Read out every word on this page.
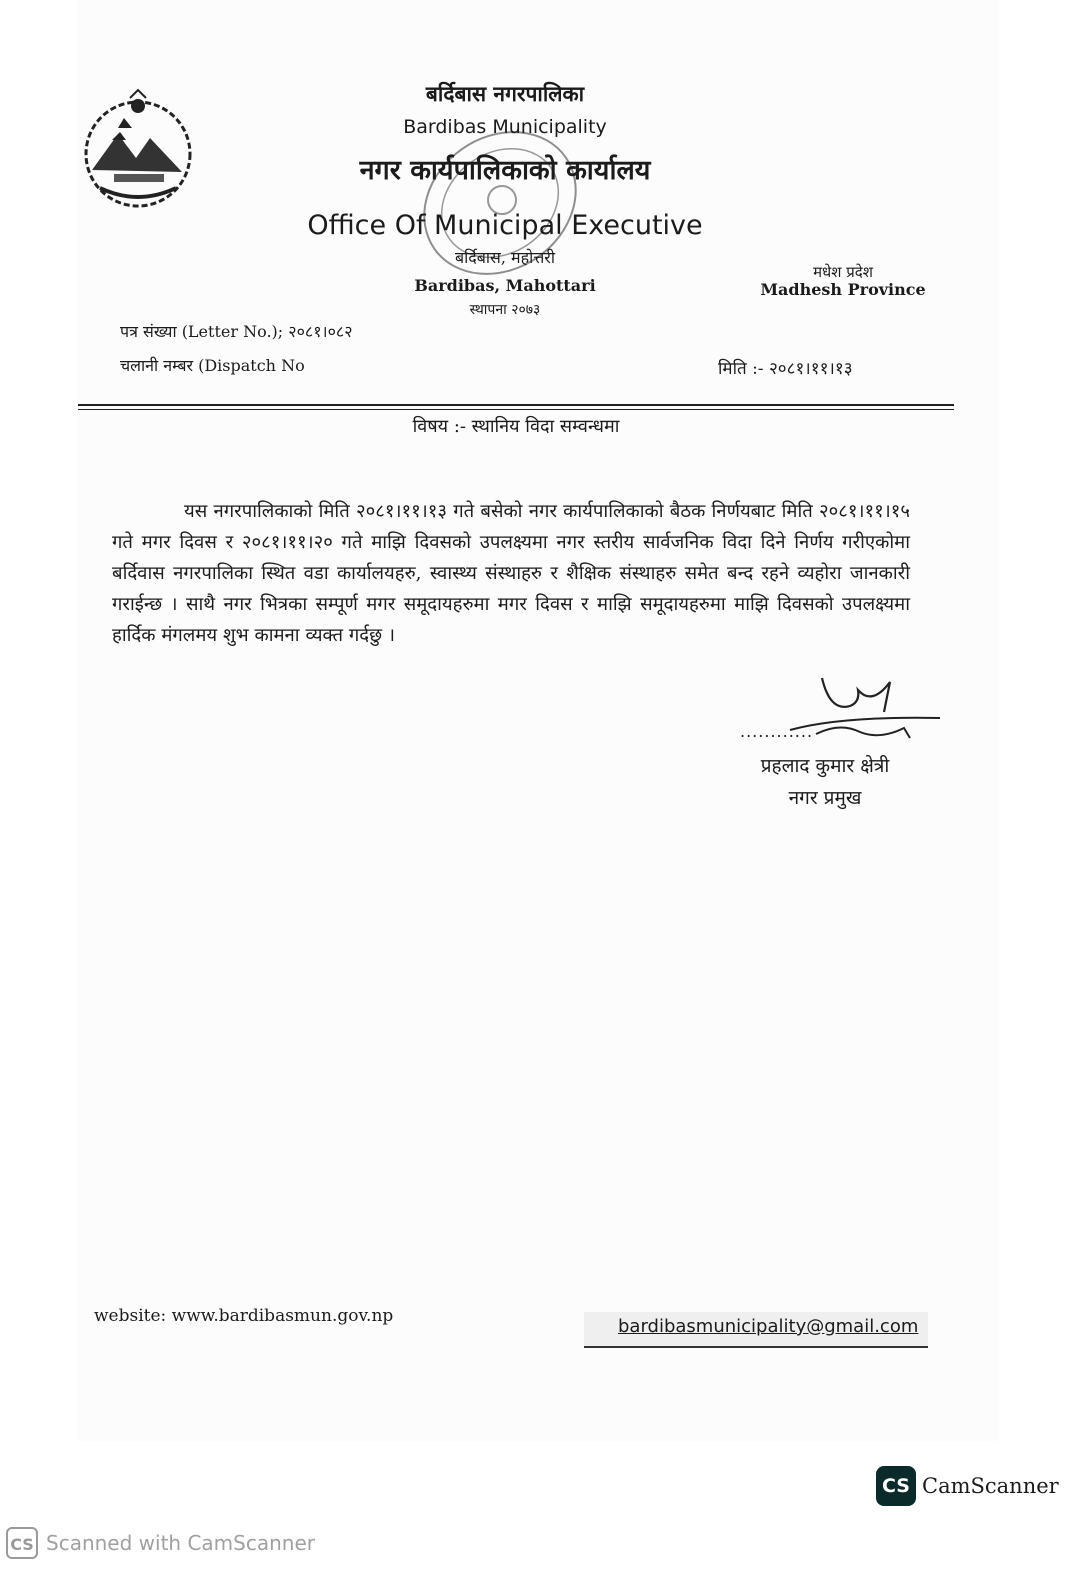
बर्दिबास नगरपालिका
Bardibas Municipality
नगर कार्यपालिकाको कार्यालय
Office Of Municipal Executive
बर्दिबास, महोत्तरी
Bardibas, Mahottari
स्थापना २०७३
मधेश प्रदेश
Madhesh Province
पत्र संख्या (Letter No.); २०८१।०८२
चलानी नम्बर (Dispatch No	मिति :- २०८१।११।१३
विषय :- स्थानिय विदा सम्वन्धमा
यस नगरपालिकाको मिति २०८१।११।१३ गते बसेको नगर कार्यपालिकाको बैठक निर्णयबाट मिति २०८१।११।१५ गते मगर दिवस र २०८१।११।२० गते माझि दिवसको उपलक्ष्यमा नगर स्तरीय सार्वजनिक विदा दिने निर्णय गरीएकोमा बर्दिवास नगरपालिका स्थित वडा कार्यालयहरु, स्वास्थ्य संस्थाहरु र शैक्षिक संस्थाहरु समेत बन्द रहने व्यहोरा जानकारी गराईन्छ । साथै नगर भित्रका सम्पूर्ण मगर समूदायहरुमा मगर दिवस र माझि समूदायहरुमा माझि दिवसको उपलक्ष्यमा हार्दिक मंगलमय शुभ कामना व्यक्त गर्दछु ।
............
प्रहलाद कुमार क्षेत्री
नगर प्रमुख
website: www.bardibasmun.gov.np	bardibasmunicipality@gmail.com
CS CamScanner
CS Scanned with CamScanner
